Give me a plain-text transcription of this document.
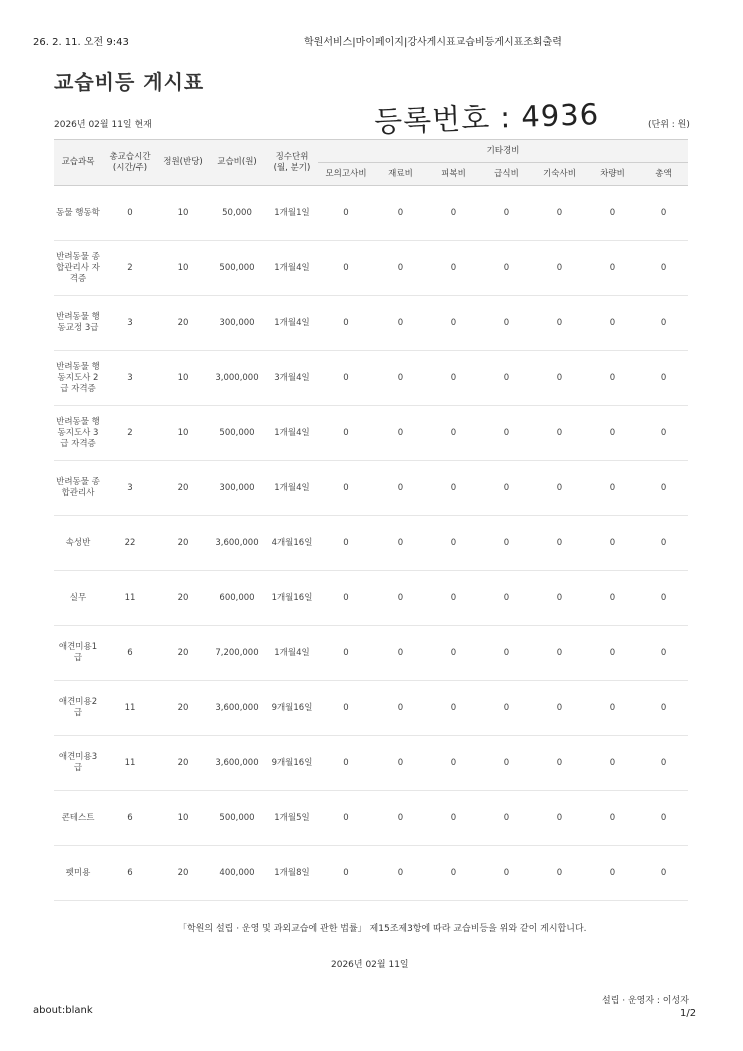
26. 2. 11. 오전 9:43	학원서비스|마이페이지|강사게시표교습비등게시표조회출력
교습비등 게시표
2026년 02월 11일 현재	등록번호 : 4936	(단위 : 원)
교습과목	총교습시간(시간/주)	정원(반당)	교습비(원)	징수단위(월, 분기)	기타경비						
					모의고사비	재료비	피복비	급식비	기숙사비	차량비	총액
동물 행동학	0	10	50,000	1개월1일	0	0	0	0	0	0	0
반려동물 종합관리사 자격증	2	10	500,000	1개월4일	0	0	0	0	0	0	0
반려동물 행동교정 3급	3	20	300,000	1개월4일	0	0	0	0	0	0	0
반려동물 행동지도사 2급 자격증	3	10	3,000,000	3개월4일	0	0	0	0	0	0	0
반려동물 행동지도사 3급 자격증	2	10	500,000	1개월4일	0	0	0	0	0	0	0
반려동물 종합관리사	3	20	300,000	1개월4일	0	0	0	0	0	0	0
속성반	22	20	3,600,000	4개월16일	0	0	0	0	0	0	0
실무	11	20	600,000	1개월16일	0	0	0	0	0	0	0
애견미용1급	6	20	7,200,000	1개월4일	0	0	0	0	0	0	0
애견미용2급	11	20	3,600,000	9개월16일	0	0	0	0	0	0	0
애견미용3급	11	20	3,600,000	9개월16일	0	0	0	0	0	0	0
콘테스트	6	10	500,000	1개월5일	0	0	0	0	0	0	0
펫미용	6	20	400,000	1개월8일	0	0	0	0	0	0	0
「학원의 설립 · 운영 및 과외교습에 관한 법률」 제15조제3항에 따라 교습비등을 위와 같이 게시합니다.
2026년 02월 11일
설립 · 운영자 : 이성자
about:blank	1/2
